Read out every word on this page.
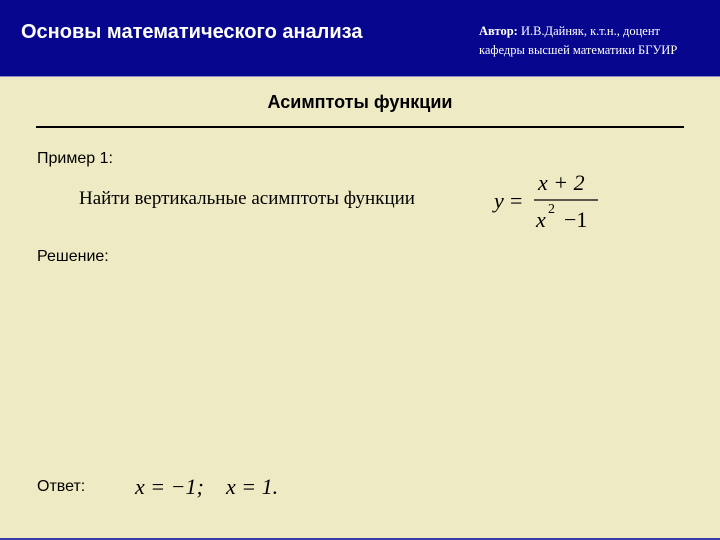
Основы математического анализа	Автор: И.В.Дайняк, к.т.н., доцент
кафедры высшей математики БГУИР
Асимптоты функции
Пример 1:
Найти вертикальные асимптоты функции	y =
x + 2
x 2 −1
Решение:
Ответ: x = −1; x = 1.
